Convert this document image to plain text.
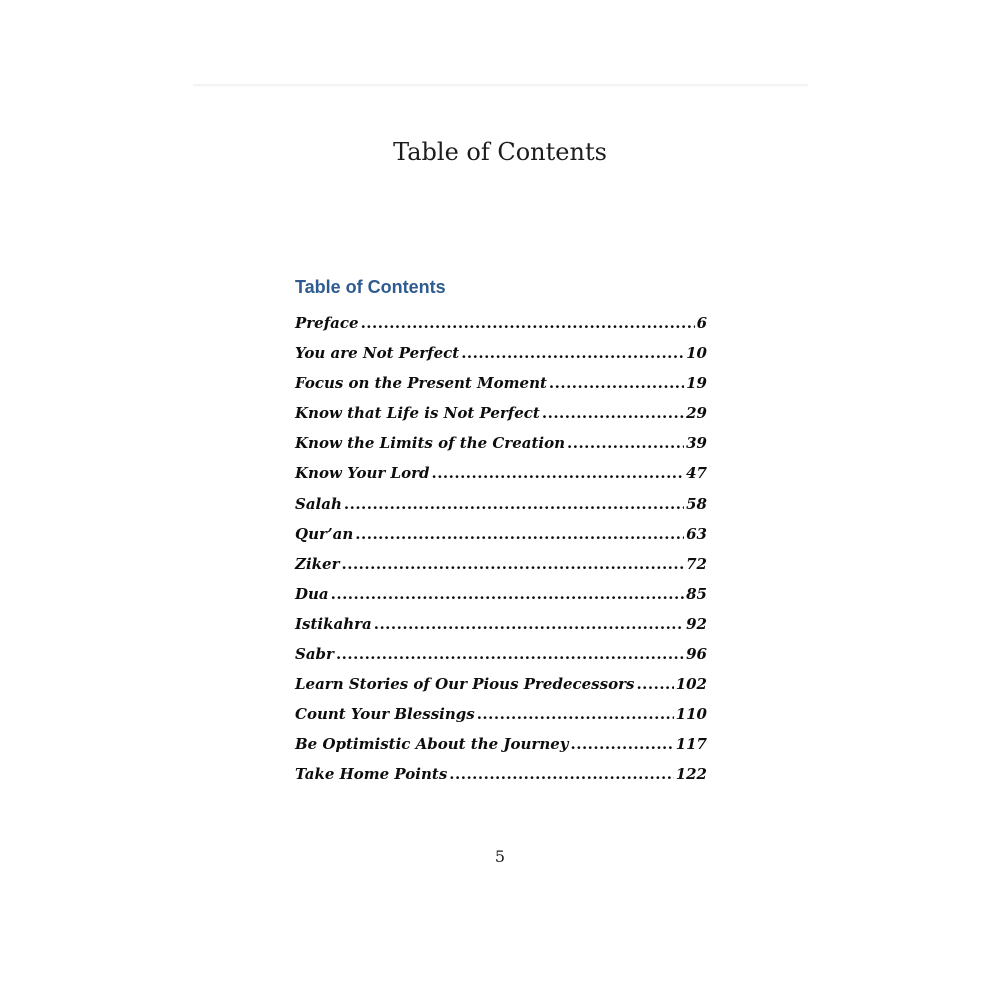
Table of Contents
Table of Contents
Preface .....	6
You are Not Perfect .....	10
Focus on the Present Moment .....	19
Know that Life is Not Perfect .....	29
Know the Limits of the Creation .....	39
Know Your Lord .....	47
Salah .....	58
Qur’an .....	63
Ziker .....	72
Dua .....	85
Istikahra .....	92
Sabr .....	96
Learn Stories of Our Pious Predecessors .....	102
Count Your Blessings .....	110
Be Optimistic About the Journey .....	117
Take Home Points .....	122
5
